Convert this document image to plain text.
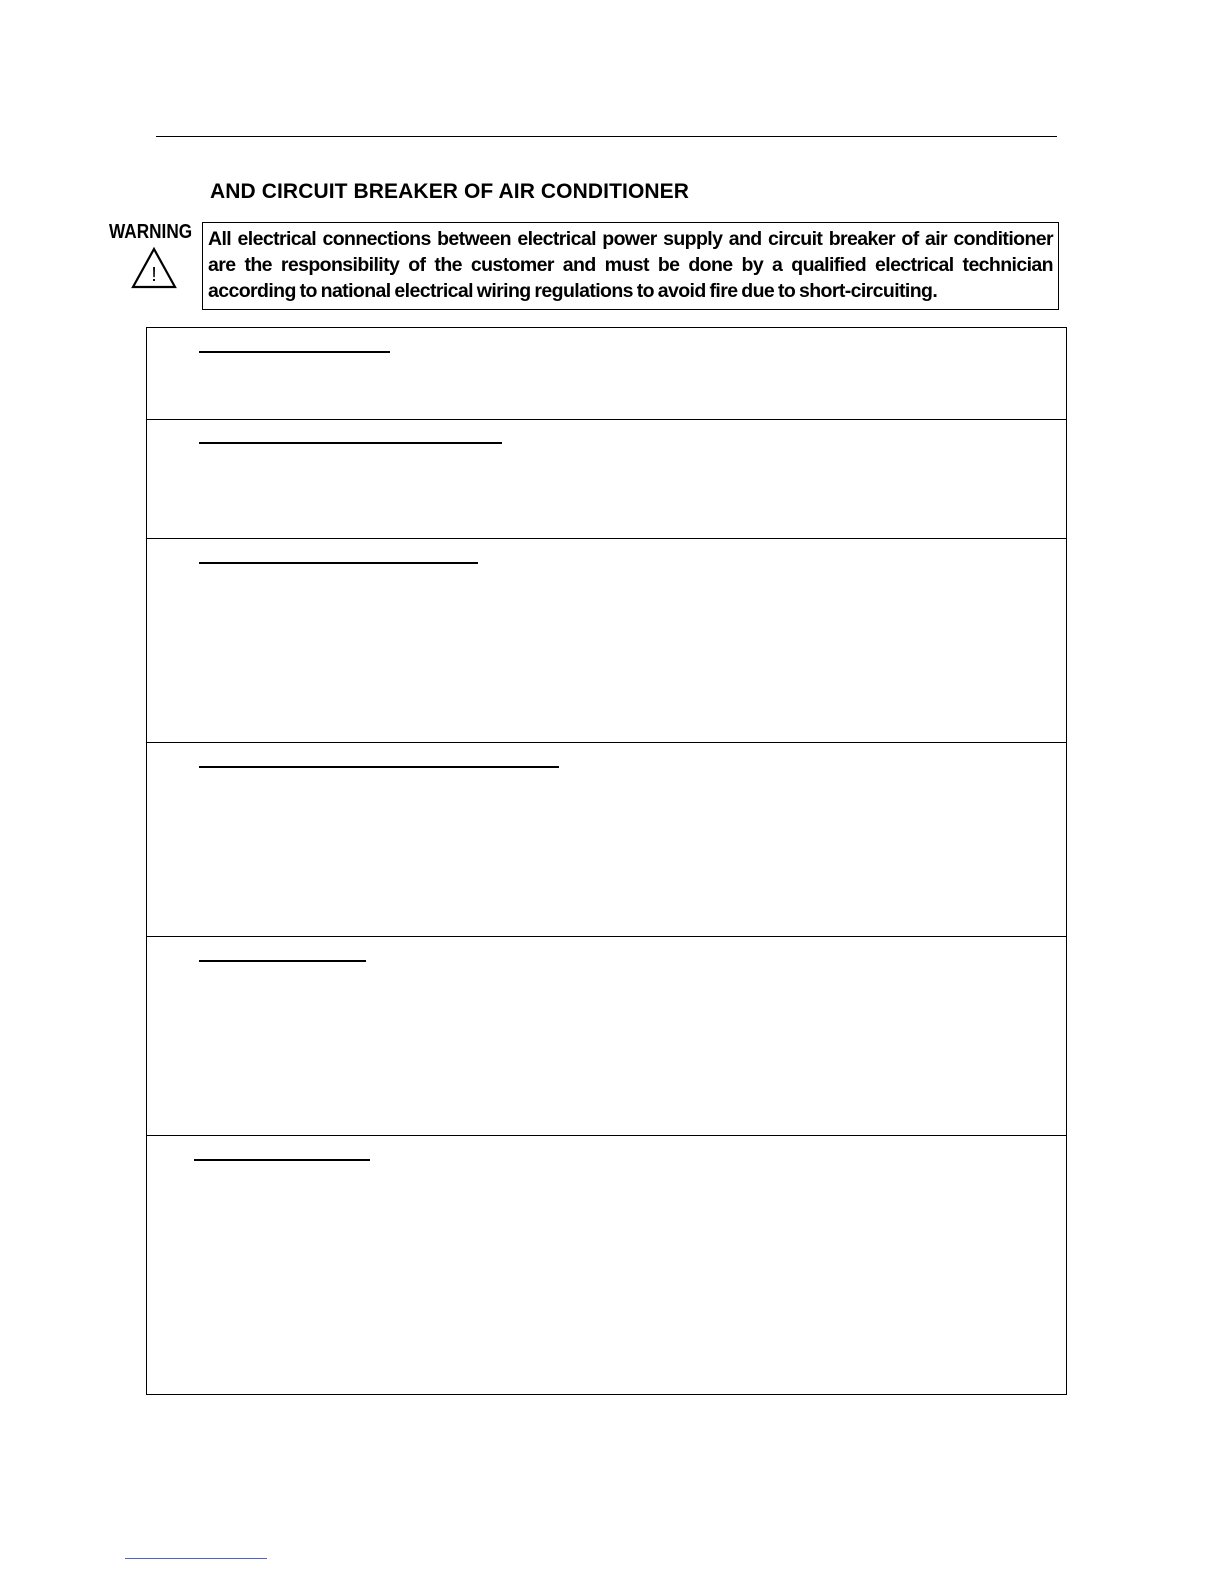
AND CIRCUIT BREAKER OF AIR CONDITIONER
WARNING
!
All electrical connections between electrical power supply and circuit breaker of air conditioner are the responsibility of the customer and must be done by a qualified electrical technician according to national electrical wiring regulations to avoid fire due to short-circuiting.
